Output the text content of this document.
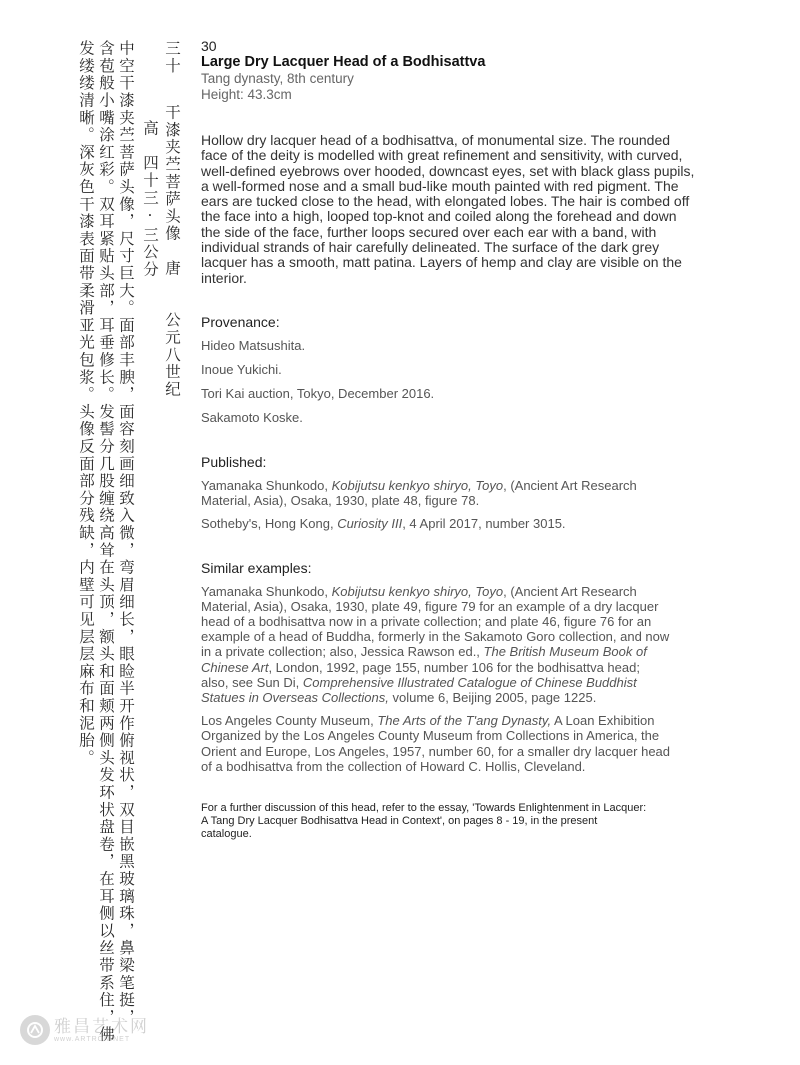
三十
干漆夹苎菩萨头像　唐　　公元八世纪
高　四十三·三公分
中空干漆夹苎菩萨头像，尺寸巨大。面部丰腴，面容刻画细致入微，弯眉细长，眼睑半开作俯视状，双目嵌黑玻璃珠，鼻梁笔挺，
含苞般小嘴涂红彩。双耳紧贴头部，耳垂修长。发髻分几股缠绕高耸在头顶，额头和面颊两侧头发环状盘卷，在耳侧以丝带系住，佛
发缕缕清晰。深灰色干漆表面带柔滑亚光包浆。头像反面部分残缺，内壁可见层层麻布和泥胎。	30
Large Dry Lacquer Head of a Bodhisattva
Tang dynasty, 8th century
Height: 43.3cm
Hollow dry lacquer head of a bodhisattva, of monumental size. The rounded face of the deity is modelled with great refinement and sensitivity, with curved, well-defined eyebrows over hooded, downcast eyes, set with black glass pupils, a well-formed nose and a small bud-like mouth painted with red pigment. The ears are tucked close to the head, with elongated lobes. The hair is combed off the face into a high, looped top-knot and coiled along the forehead and down the side of the face, further loops secured over each ear with a band, with individual strands of hair carefully delineated. The surface of the dark grey lacquer has a smooth, matt patina. Layers of hemp and clay are visible on the interior.
Provenance:
Hideo Matsushita.
Inoue Yukichi.
Tori Kai auction, Tokyo, December 2016.
Sakamoto Koske.
Published:
Yamanaka Shunkodo, Kobijutsu kenkyo shiryo, Toyo, (Ancient Art Research Material, Asia), Osaka, 1930, plate 48, figure 78.
Sotheby's, Hong Kong, Curiosity III, 4 April 2017, number 3015.
Similar examples:
Yamanaka Shunkodo, Kobijutsu kenkyo shiryo, Toyo, (Ancient Art Research Material, Asia), Osaka, 1930, plate 49, figure 79 for an example of a dry lacquer head of a bodhisattva now in a private collection; and plate 46, figure 76 for an example of a head of Buddha, formerly in the Sakamoto Goro collection, and now in a private collection; also, Jessica Rawson ed., The British Museum Book of Chinese Art, London, 1992, page 155, number 106 for the bodhisattva head; also, see Sun Di, Comprehensive Illustrated Catalogue of Chinese Buddhist Statues in Overseas Collections, volume 6, Beijing 2005, page 1225.
Los Angeles County Museum, The Arts of the T'ang Dynasty, A Loan Exhibition Organized by the Los Angeles County Museum from Collections in America, the Orient and Europe, Los Angeles, 1957, number 60, for a smaller dry lacquer head of a bodhisattva from the collection of Howard C. Hollis, Cleveland.
For a further discussion of this head, refer to the essay, 'Towards Enlightenment in Lacquer: A Tang Dry Lacquer Bodhisattva Head in Context', on pages 8 - 19, in the present catalogue.
雅昌艺术网
www.ARTRON.NET
